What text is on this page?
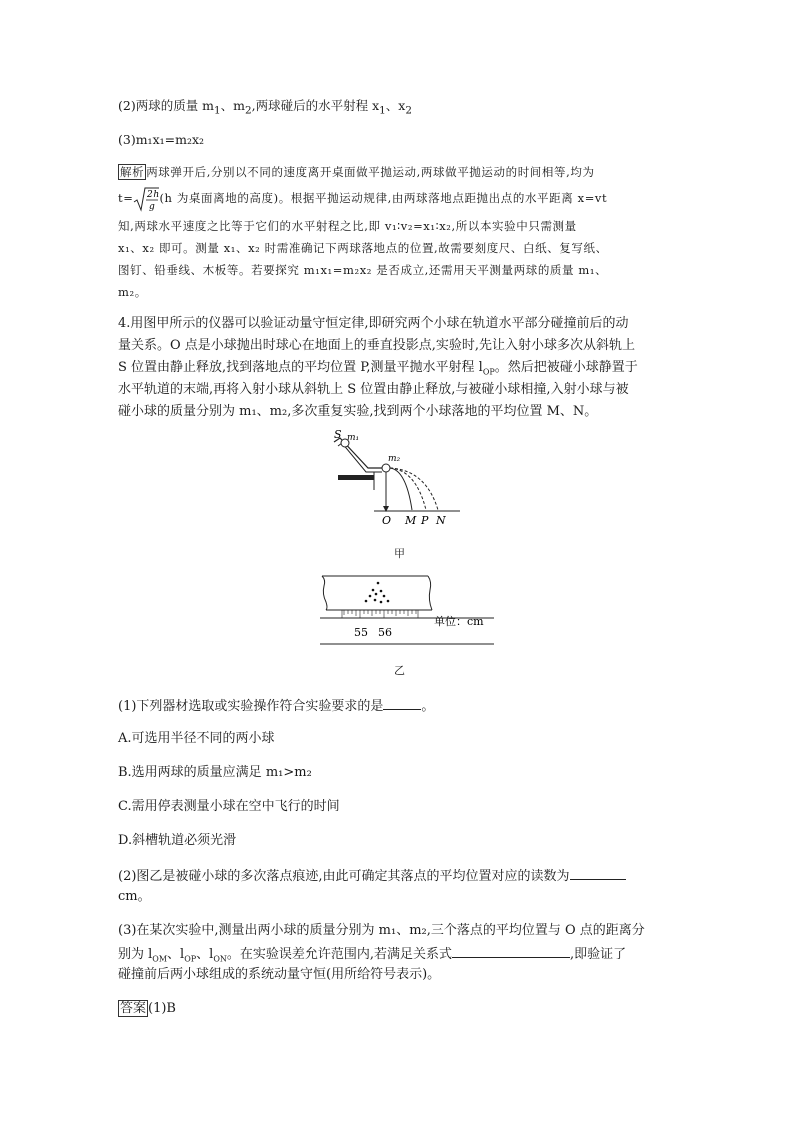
(2)两球的质量 $m_1$、$m_2$,两球碰后的水平射程 $x_1$、$x_2$
(3)m₁x₁=m₂x₂
解析 两球弹开后,分别以不同的速度离开桌面做平抛运动,两球做平抛运动的时间相等,均为
t= 2h
g
(h 为桌面离地的高度)。根据平抛运动规律,由两球落地点距抛出点的水平距离 x=vt
知,两球水平速度之比等于它们的水平射程之比,即 v₁∶v₂=x₁∶x₂,所以本实验中只需测量
x₁、x₂ 即可。测量 x₁、x₂ 时需准确记下两球落地点的位置,故需要刻度尺、白纸、复写纸、
图钉、铅垂线、木板等。若要探究 m₁x₁=m₂x₂ 是否成立,还需用天平测量两球的质量 m₁、
m₂。
4.用图甲所示的仪器可以验证动量守恒定律,即研究两个小球在轨道水平部分碰撞前后的动
量关系。O 点是小球抛出时球心在地面上的垂直投影点,实验时,先让入射小球多次从斜轨上
S 位置由静止释放,找到落地点的平均位置 P,测量平抛水平射程 $l_{OP}$。然后把被碰小球静置于
水平轨道的末端,再将入射小球从斜轨上 S 位置由静止释放,与被碰小球相撞,入射小球与被
碰小球的质量分别为 m₁、m₂,多次重复实验,找到两个小球落地的平均位置 M、N。
S m₁
m₂
O M P N
甲
55 56
单位：cm
乙
(1)下列器材选取或实验操作符合实验要求的是	。
A.可选用半径不同的两小球
B.选用两球的质量应满足 m₁>m₂
C.需用停表测量小球在空中飞行的时间
D.斜槽轨道必须光滑
(2)图乙是被碰小球的多次落点痕迹,由此可确定其落点的平均位置对应的读数为
cm。
(3)在某次实验中,测量出两小球的质量分别为 m₁、m₂,三个落点的平均位置与 O 点的距离分
别为 $l_{OM}$、$l_{OP}$、$l_{ON}$。在实验误差允许范围内,若满足关系式	,即验证了
碰撞前后两小球组成的系统动量守恒(用所给符号表示)。
答案 (1)B
